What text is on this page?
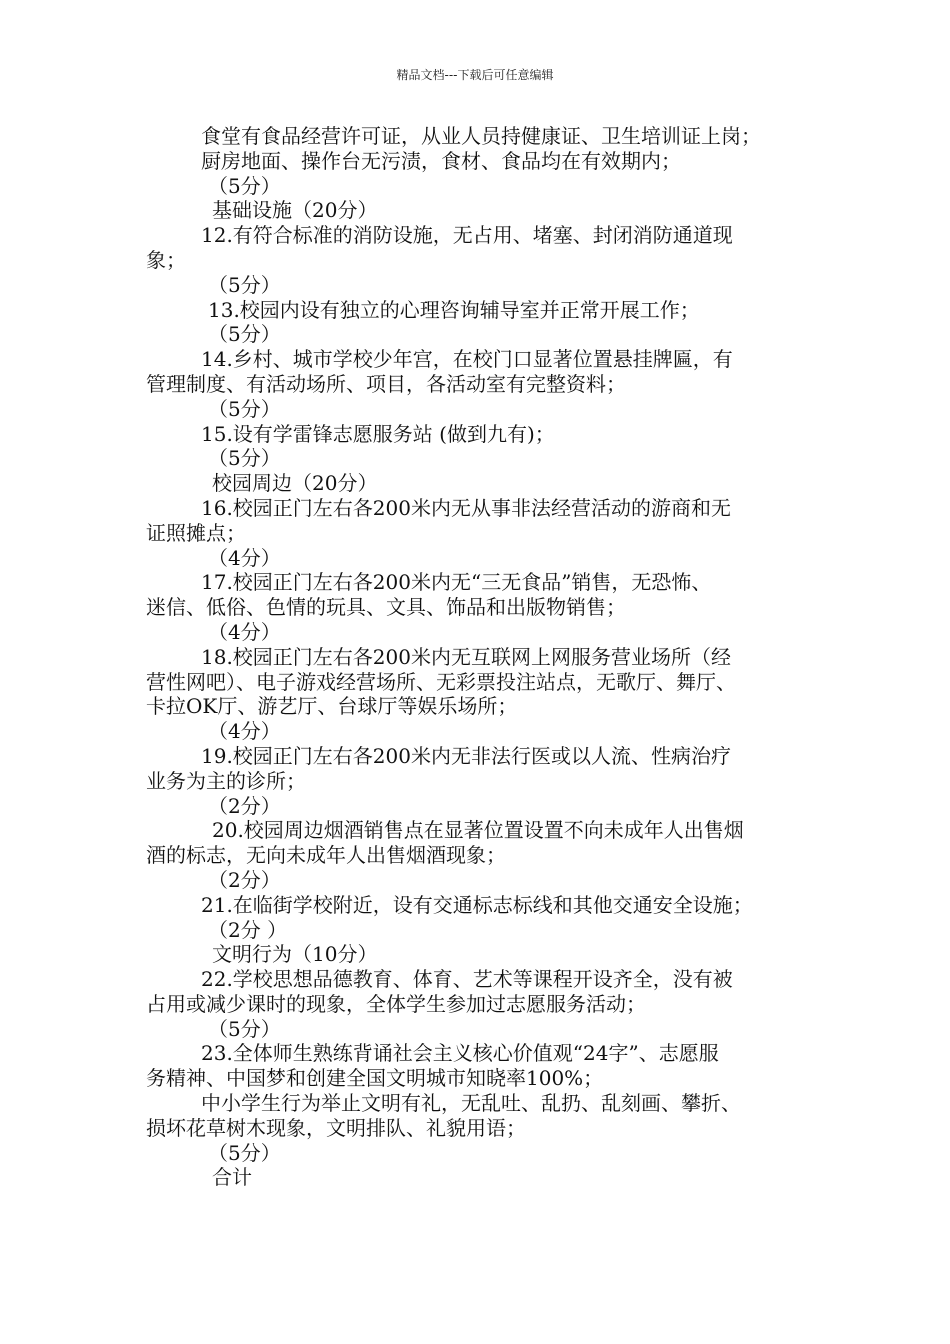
精品文档---下载后可任意编辑
食堂有食品经营许可证，从业人员持健康证、卫生培训证上岗；
厨房地面、操作台无污渍，食材、食品均在有效期内；
（5分）
基础设施（20分）
12.有符合标准的消防设施，无占用、堵塞、封闭消防通道现
象；
（5分）
13.校园内设有独立的心理咨询辅导室并正常开展工作；
（5分）
14.乡村、城市学校少年宫，在校门口显著位置悬挂牌匾，有
管理制度、有活动场所、项目，各活动室有完整资料；
（5分）
15.设有学雷锋志愿服务站 (做到九有)；
（5分）
校园周边（20分）
16.校园正门左右各200米内无从事非法经营活动的游商和无
证照摊点；
（4分）
17.校园正门左右各200米内无“三无食品”销售，无恐怖、
迷信、低俗、色情的玩具、文具、饰品和出版物销售；
（4分）
18.校园正门左右各200米内无互联网上网服务营业场所（经
营性网吧）、电子游戏经营场所、无彩票投注站点，无歌厅、舞厅、
卡拉OK厅、游艺厅、台球厅等娱乐场所；
（4分）
19.校园正门左右各200米内无非法行医或以人流、性病治疗
业务为主的诊所；
（2分）
20.校园周边烟酒销售点在显著位置设置不向未成年人出售烟
酒的标志，无向未成年人出售烟酒现象；
（2分）
21.在临街学校附近，设有交通标志标线和其他交通安全设施；
（2分 ）
文明行为（10分）
22.学校思想品德教育、体育、艺术等课程开设齐全，没有被
占用或减少课时的现象，全体学生参加过志愿服务活动；
（5分）
23.全体师生熟练背诵社会主义核心价值观“24字”、志愿服
务精神、中国梦和创建全国文明城市知晓率100%；
中小学生行为举止文明有礼，无乱吐、乱扔、乱刻画、攀折、
损坏花草树木现象，文明排队、礼貌用语；
（5分）
合计
